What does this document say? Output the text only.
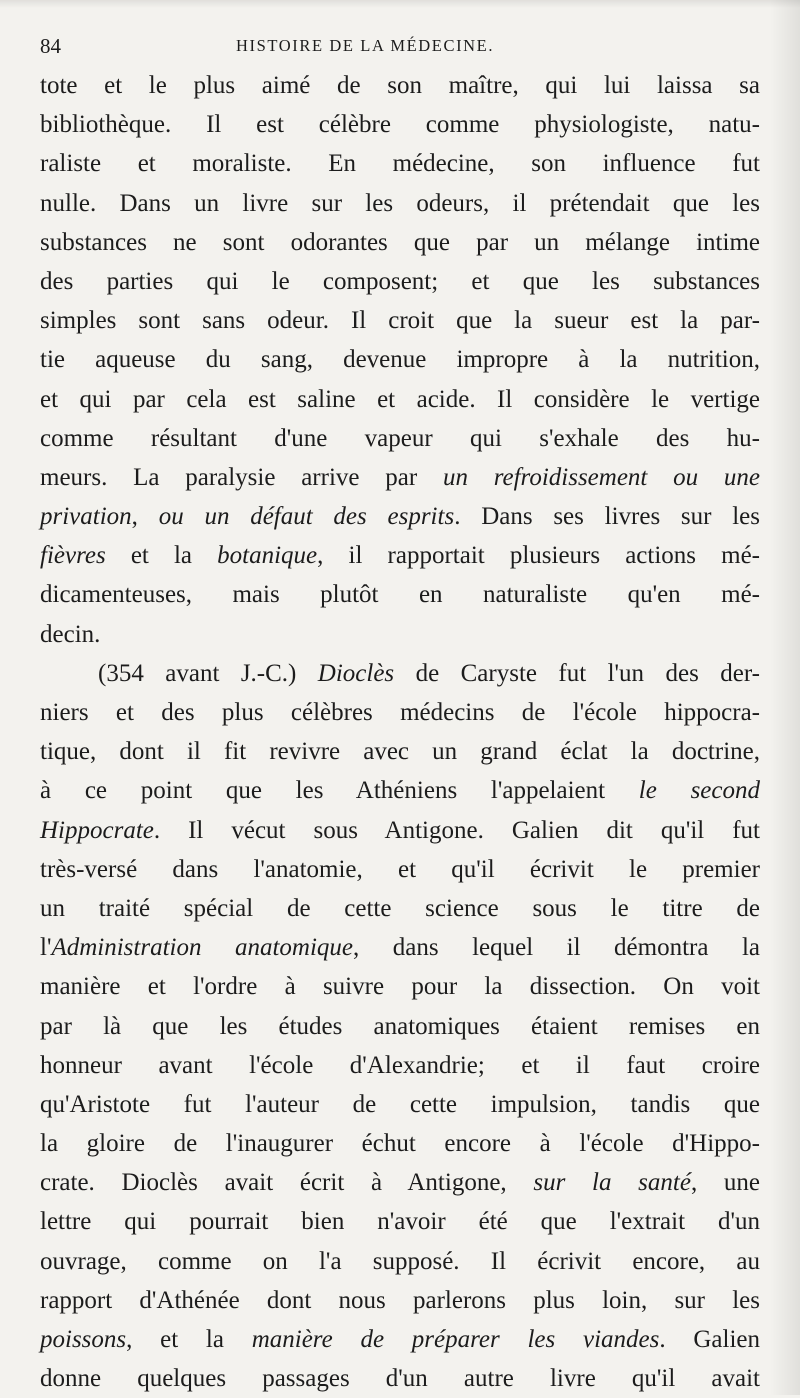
84	HISTOIRE DE LA MÉDECINE.
tote et le plus aimé de son maître, qui lui laissa sa
bibliothèque. Il est célèbre comme physiologiste, natu-
raliste et moraliste. En médecine, son influence fut
nulle. Dans un livre sur les odeurs, il prétendait que les
substances ne sont odorantes que par un mélange intime
des parties qui le composent; et que les substances
simples sont sans odeur. Il croit que la sueur est la par-
tie aqueuse du sang, devenue impropre à la nutrition,
et qui par cela est saline et acide. Il considère le vertige
comme résultant d'une vapeur qui s'exhale des hu-
meurs. La paralysie arrive par un refroidissement ou une
privation, ou un défaut des esprits. Dans ses livres sur les
fièvres et la botanique, il rapportait plusieurs actions mé-
dicamenteuses, mais plutôt en naturaliste qu'en mé-
decin.
(354 avant J.-C.) Dioclès de Caryste fut l'un des der-
niers et des plus célèbres médecins de l'école hippocra-
tique, dont il fit revivre avec un grand éclat la doctrine,
à ce point que les Athéniens l'appelaient le second
Hippocrate. Il vécut sous Antigone. Galien dit qu'il fut
très-versé dans l'anatomie, et qu'il écrivit le premier
un traité spécial de cette science sous le titre de
l'Administration anatomique, dans lequel il démontra la
manière et l'ordre à suivre pour la dissection. On voit
par là que les études anatomiques étaient remises en
honneur avant l'école d'Alexandrie; et il faut croire
qu'Aristote fut l'auteur de cette impulsion, tandis que
la gloire de l'inaugurer échut encore à l'école d'Hippo-
crate. Dioclès avait écrit à Antigone, sur la santé, une
lettre qui pourrait bien n'avoir été que l'extrait d'un
ouvrage, comme on l'a supposé. Il écrivit encore, au
rapport d'Athénée dont nous parlerons plus loin, sur les
poissons, et la manière de préparer les viandes. Galien
donne quelques passages d'un autre livre qu'il avait
